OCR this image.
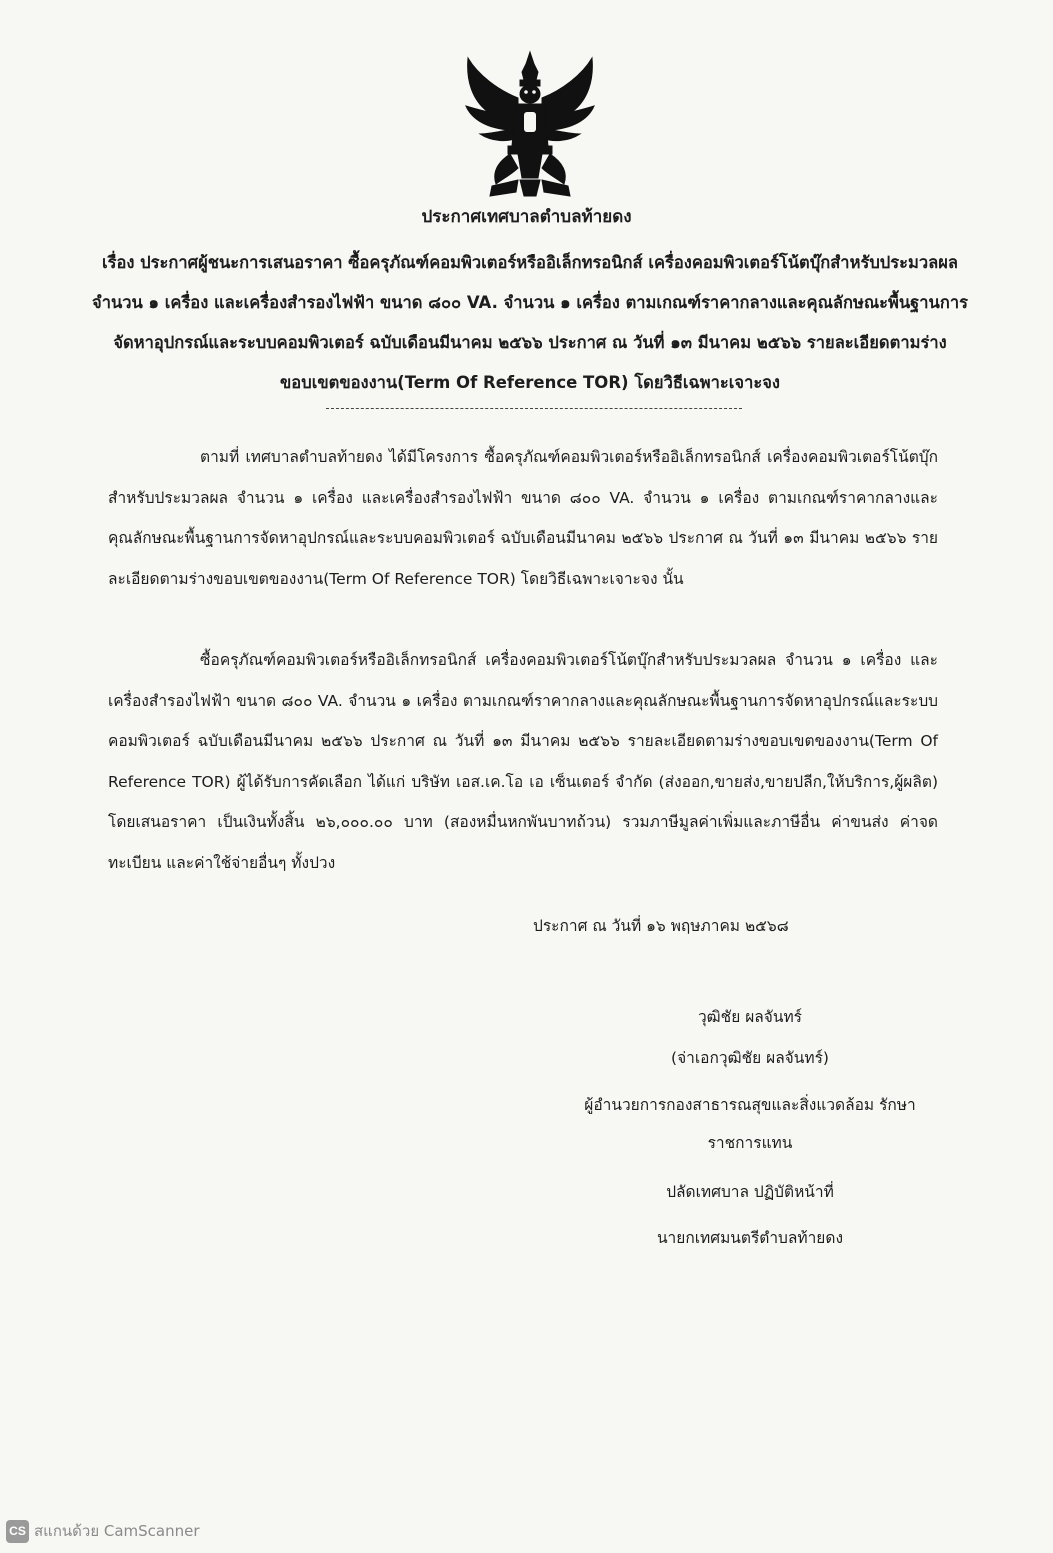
ประกาศเทศบาลตำบลท้ายดง

เรื่อง ประกาศผู้ชนะการเสนอราคา ซื้อครุภัณฑ์คอมพิวเตอร์หรืออิเล็กทรอนิกส์ เครื่องคอมพิวเตอร์โน้ตบุ๊กสำหรับประมวลผล จำนวน ๑ เครื่อง และเครื่องสำรองไฟฟ้า ขนาด ๘๐๐ VA. จำนวน ๑ เครื่อง ตามเกณฑ์ราคากลางและคุณลักษณะพื้นฐานการจัดหาอุปกรณ์และระบบคอมพิวเตอร์ ฉบับเดือนมีนาคม ๒๕๖๖ ประกาศ ณ วันที่ ๑๓ มีนาคม ๒๕๖๖ รายละเอียดตามร่างขอบเขตของงาน(Term Of Reference TOR) โดยวิธีเฉพาะเจาะจง

ตามที่ เทศบาลตำบลท้ายดง ได้มีโครงการ ซื้อครุภัณฑ์คอมพิวเตอร์หรืออิเล็กทรอนิกส์ เครื่องคอมพิวเตอร์โน้ตบุ๊กสำหรับประมวลผล จำนวน ๑ เครื่อง และเครื่องสำรองไฟฟ้า ขนาด ๘๐๐ VA. จำนวน ๑ เครื่อง ตามเกณฑ์ราคากลางและคุณลักษณะพื้นฐานการจัดหาอุปกรณ์และระบบคอมพิวเตอร์ ฉบับเดือนมีนาคม ๒๕๖๖ ประกาศ ณ วันที่ ๑๓ มีนาคม ๒๕๖๖ รายละเอียดตามร่างขอบเขตของงาน(Term Of Reference TOR) โดยวิธีเฉพาะเจาะจง นั้น

ซื้อครุภัณฑ์คอมพิวเตอร์หรืออิเล็กทรอนิกส์ เครื่องคอมพิวเตอร์โน้ตบุ๊กสำหรับประมวลผล จำนวน ๑ เครื่อง และเครื่องสำรองไฟฟ้า ขนาด ๘๐๐ VA. จำนวน ๑ เครื่อง ตามเกณฑ์ราคากลางและคุณลักษณะพื้นฐานการจัดหาอุปกรณ์และระบบคอมพิวเตอร์ ฉบับเดือนมีนาคม ๒๕๖๖ ประกาศ ณ วันที่ ๑๓ มีนาคม ๒๕๖๖ รายละเอียดตามร่างขอบเขตของงาน(Term Of Reference TOR) ผู้ได้รับการคัดเลือก ได้แก่ บริษัท เอส.เค.โอ เอ เซ็นเตอร์ จำกัด (ส่งออก,ขายส่ง,ขายปลีก,ให้บริการ,ผู้ผลิต) โดยเสนอราคา เป็นเงินทั้งสิ้น ๒๖,๐๐๐.๐๐ บาท (สองหมื่นหกพันบาทถ้วน) รวมภาษีมูลค่าเพิ่มและภาษีอื่น ค่าขนส่ง ค่าจดทะเบียน และค่าใช้จ่ายอื่นๆ ทั้งปวง

ประกาศ ณ วันที่ ๑๖ พฤษภาคม ๒๕๖๘
วุฒิชัย ผลจันทร์
(จ่าเอกวุฒิชัย ผลจันทร์)
ผู้อำนวยการกองสาธารณสุขและสิ่งแวดล้อม รักษา
ราชการแทน
ปลัดเทศบาล ปฏิบัติหน้าที่
นายกเทศมนตรีตำบลท้ายดง
CS สแกนด้วย CamScanner
